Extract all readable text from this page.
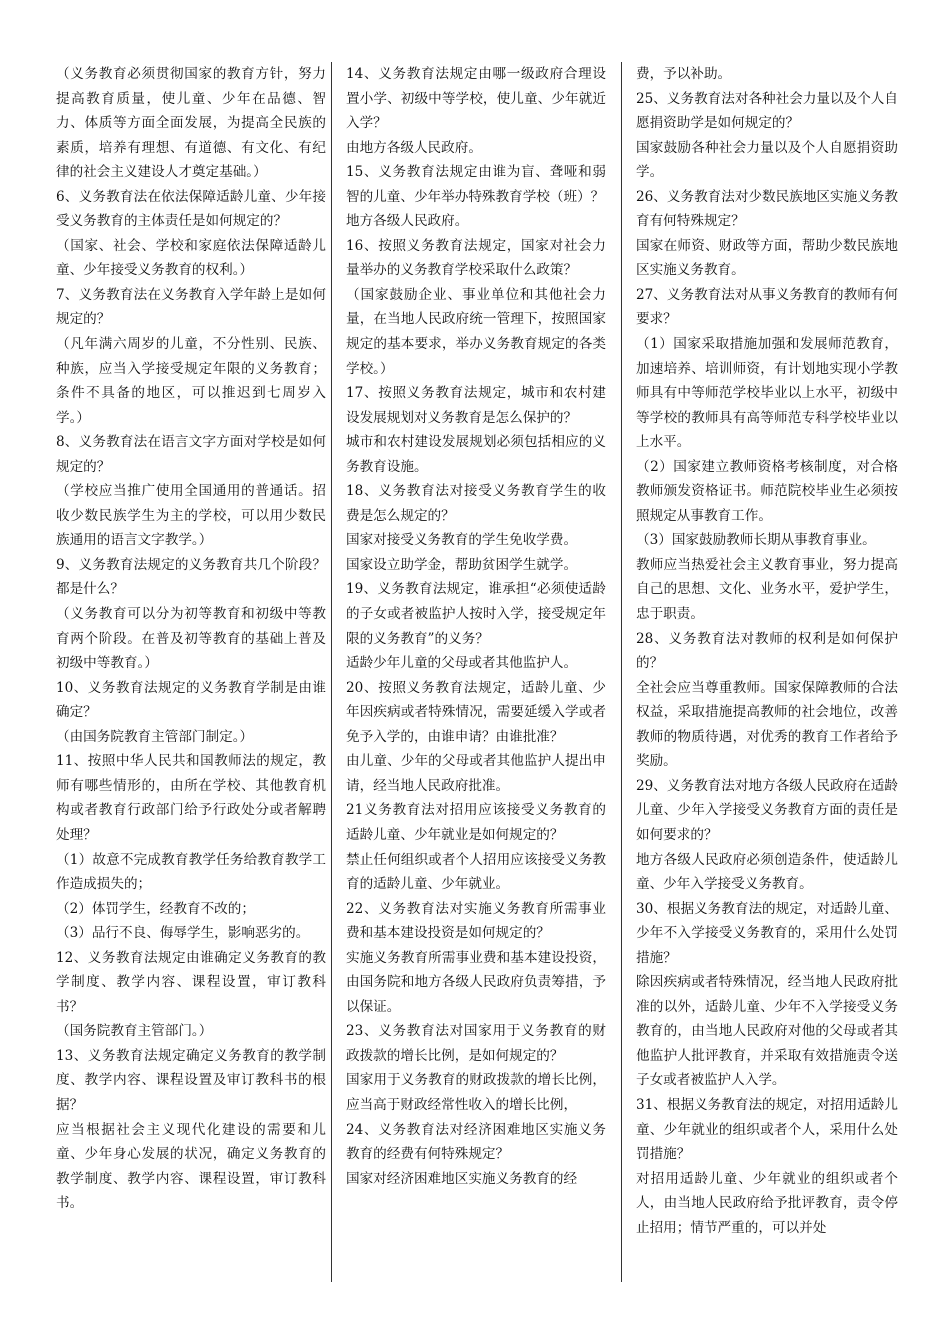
（义务教育必须贯彻国家的教育方针，努力提高教育质量，使儿童、少年在品德、智力、体质等方面全面发展，为提高全民族的素质，培养有理想、有道德、有文化、有纪律的社会主义建设人才奠定基础。）

6、义务教育法在依法保障适龄儿童、少年接受义务教育的主体责任是如何规定的？

（国家、社会、学校和家庭依法保障适龄儿童、少年接受义务教育的权利。）

7、义务教育法在义务教育入学年龄上是如何规定的？

（凡年满六周岁的儿童，不分性别、民族、种族，应当入学接受规定年限的义务教育；条件不具备的地区，可以推迟到七周岁入学。）

8、义务教育法在语言文字方面对学校是如何规定的？

（学校应当推广使用全国通用的普通话。招收少数民族学生为主的学校，可以用少数民族通用的语言文字教学。）

9、义务教育法规定的义务教育共几个阶段？都是什么？

（义务教育可以分为初等教育和初级中等教育两个阶段。在普及初等教育的基础上普及初级中等教育。）

10、义务教育法规定的义务教育学制是由谁确定？

（由国务院教育主管部门制定。）

11、按照中华人民共和国教师法的规定，教师有哪些情形的，由所在学校、其他教育机构或者教育行政部门给予行政处分或者解聘处理？

（1）故意不完成教育教学任务给教育教学工作造成损失的；

（2）体罚学生，经教育不改的；

（3）品行不良、侮辱学生，影响恶劣的。

12、义务教育法规定由谁确定义务教育的教学制度、教学内容、课程设置，审订教科书？

（国务院教育主管部门。）

13、义务教育法规定确定义务教育的教学制度、教学内容、课程设置及审订教科书的根据？

应当根据社会主义现代化建设的需要和儿童、少年身心发展的状况，确定义务教育的教学制度、教学内容、课程设置，审订教科书。

14、义务教育法规定由哪一级政府合理设置小学、初级中等学校，使儿童、少年就近入学？

由地方各级人民政府。

15、义务教育法规定由谁为盲、聋哑和弱智的儿童、少年举办特殊教育学校（班）？

地方各级人民政府。

16、按照义务教育法规定，国家对社会力量举办的义务教育学校采取什么政策？

（国家鼓励企业、事业单位和其他社会力量，在当地人民政府统一管理下，按照国家规定的基本要求，举办义务教育规定的各类学校。）

17、按照义务教育法规定，城市和农村建设发展规划对义务教育是怎么保护的？

城市和农村建设发展规划必须包括相应的义务教育设施。

18、义务教育法对接受义务教育学生的收费是怎么规定的？

国家对接受义务教育的学生免收学费。

国家设立助学金，帮助贫困学生就学。

19、义务教育法规定，谁承担“必须使适龄的子女或者被监护人按时入学，接受规定年限的义务教育”的义务？

适龄少年儿童的父母或者其他监护人。

20、按照义务教育法规定，适龄儿童、少年因疾病或者特殊情况，需要延缓入学或者免予入学的，由谁申请？由谁批准？

由儿童、少年的父母或者其他监护人提出申请，经当地人民政府批准。

21义务教育法对招用应该接受义务教育的适龄儿童、少年就业是如何规定的？

禁止任何组织或者个人招用应该接受义务教育的适龄儿童、少年就业。

22、义务教育法对实施义务教育所需事业费和基本建设投资是如何规定的？

实施义务教育所需事业费和基本建设投资，由国务院和地方各级人民政府负责筹措，予以保证。

23、义务教育法对国家用于义务教育的财政拨款的增长比例，是如何规定的？

国家用于义务教育的财政拨款的增长比例，应当高于财政经常性收入的增长比例，

24、义务教育法对经济困难地区实施义务教育的经费有何特殊规定？

国家对经济困难地区实施义务教育的经

费，予以补助。

25、义务教育法对各种社会力量以及个人自愿捐资助学是如何规定的？

国家鼓励各种社会力量以及个人自愿捐资助学。

26、义务教育法对少数民族地区实施义务教育有何特殊规定？

国家在师资、财政等方面，帮助少数民族地区实施义务教育。

27、义务教育法对从事义务教育的教师有何要求？

（1）国家采取措施加强和发展师范教育，加速培养、培训师资，有计划地实现小学教师具有中等师范学校毕业以上水平，初级中等学校的教师具有高等师范专科学校毕业以上水平。

（2）国家建立教师资格考核制度，对合格教师颁发资格证书。师范院校毕业生必须按照规定从事教育工作。

（3）国家鼓励教师长期从事教育事业。

教师应当热爱社会主义教育事业，努力提高自己的思想、文化、业务水平，爱护学生，忠于职责。

28、义务教育法对教师的权利是如何保护的？

全社会应当尊重教师。国家保障教师的合法权益，采取措施提高教师的社会地位，改善教师的物质待遇，对优秀的教育工作者给予奖励。

29、义务教育法对地方各级人民政府在适龄儿童、少年入学接受义务教育方面的责任是如何要求的？

地方各级人民政府必须创造条件，使适龄儿童、少年入学接受义务教育。

30、根据义务教育法的规定，对适龄儿童、少年不入学接受义务教育的，采用什么处罚措施？

除因疾病或者特殊情况，经当地人民政府批准的以外，适龄儿童、少年不入学接受义务教育的，由当地人民政府对他的父母或者其他监护人批评教育，并采取有效措施责令送子女或者被监护人入学。

31、根据义务教育法的规定，对招用适龄儿童、少年就业的组织或者个人，采用什么处罚措施？

对招用适龄儿童、少年就业的组织或者个人，由当地人民政府给予批评教育，责令停止招用；情节严重的，可以并处
